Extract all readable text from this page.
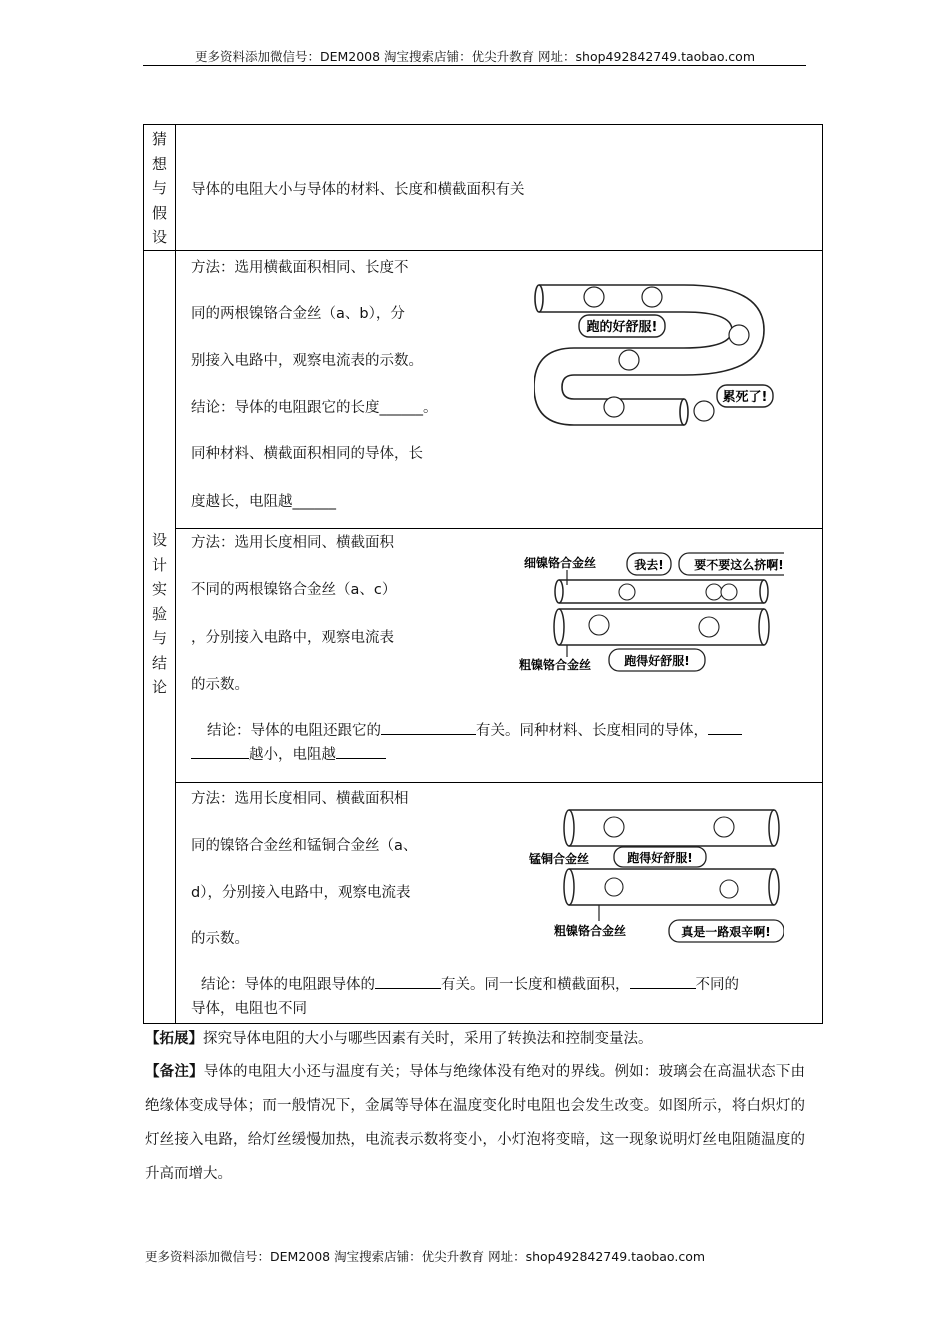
更多资料添加微信号：DEM2008 淘宝搜索店铺：优尖升教育 网址：shop492842749.taobao.com
猜
想
与
假
设
导体的电阻大小与导体的材料、长度和横截面积有关
设
计
实
验
与
结
论
方法：选用横截面积相同、长度不
同的两根镍铬合金丝（a、b），分
别接入电路中，观察电流表的示数。
结论：导体的电阻跟它的长度______。
同种材料、横截面积相同的导体，长
度越长，电阻越______
跑的好舒服!
累死了!
方法：选用长度相同、横截面积
不同的两根镍铬合金丝（a、c）
，分别接入电路中，观察电流表
的示数。
结论：导体的电阻还跟它的	有关。同种材料、长度相同的导体，
越小，电阻越
细镍铬合金丝	我去!	要不要这么挤啊!
粗镍铬合金丝	跑得好舒服!
方法：选用长度相同、横截面积相
同的镍铬合金丝和锰铜合金丝（a、
d），分别接入电路中，观察电流表
的示数。
结论：导体的电阻跟导体的	有关。同一长度和横截面积，	不同的
导体，电阻也不同
锰铜合金丝	跑得好舒服!
粗镍铬合金丝	真是一路艰辛啊!
【拓展】探究导体电阻的大小与哪些因素有关时，采用了转换法和控制变量法。
【备注】导体的电阻大小还与温度有关；导体与绝缘体没有绝对的界线。例如：玻璃会在高温状态下由绝缘体变成导体；而一般情况下，金属等导体在温度变化时电阻也会发生改变。如图所示，将白炽灯的灯丝接入电路，给灯丝缓慢加热，电流表示数将变小，小灯泡将变暗，这一现象说明灯丝电阻随温度的升高而增大。
更多资料添加微信号：DEM2008 淘宝搜索店铺：优尖升教育 网址：shop492842749.taobao.com
